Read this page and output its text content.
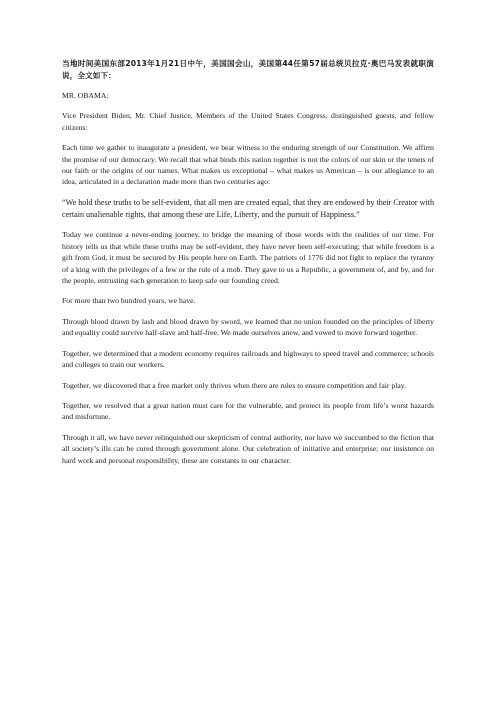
当地时间美国东部2013年1月21日中午，美国国会山，美国第44任第57届总统贝拉克·奥巴马发表就职演说，全文如下：

MR. OBAMA:

Vice President Biden, Mr. Chief Justice, Members of the United States Congress, distinguished guests, and fellow citizens:

Each time we gather to inaugurate a president, we bear witness to the enduring strength of our Constitution. We affirm the promise of our democracy. We recall that what binds this nation together is not the colors of our skin or the tenets of our faith or the origins of our names. What makes us exceptional – what makes us American – is our allegiance to an idea, articulated in a declaration made more than two centuries ago:

“We hold these truths to be self-evident, that all men are created equal, that they are endowed by their Creator with certain unalienable rights, that among these are Life, Liberty, and the pursuit of Happiness.”

Today we continue a never-ending journey, to bridge the meaning of those words with the realities of our time. For history tells us that while these truths may be self-evident, they have never been self-executing; that while freedom is a gift from God, it must be secured by His people here on Earth. The patriots of 1776 did not fight to replace the tyranny of a king with the privileges of a few or the rule of a mob. They gave to us a Republic, a government of, and by, and for the people, entrusting each generation to keep safe our founding creed.

For more than two hundred years, we have.

Through blood drawn by lash and blood drawn by sword, we learned that no union founded on the principles of liberty and equality could survive half-slave and half-free. We made ourselves anew, and vowed to move forward together.

Together, we determined that a modern economy requires railroads and highways to speed travel and commerce; schools and colleges to train our workers.

Together, we discovered that a free market only thrives when there are rules to ensure competition and fair play.

Together, we resolved that a great nation must care for the vulnerable, and protect its people from life’s worst hazards and misfortune.

Through it all, we have never relinquished our skepticism of central authority, nor have we succumbed to the fiction that all society’s ills can be cured through government alone. Our celebration of initiative and enterprise; our insistence on hard work and personal responsibility, these are constants in our character.
